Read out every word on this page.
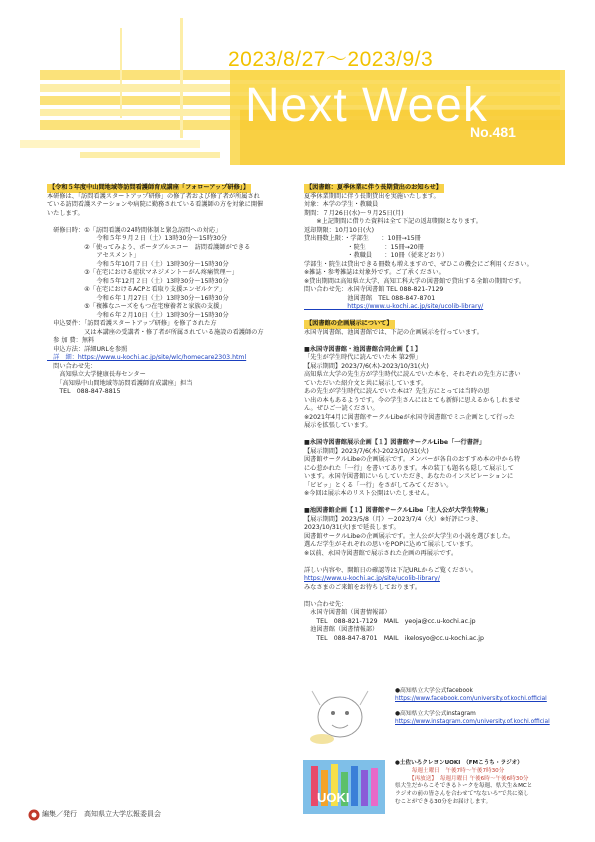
2023/8/27～2023/9/3
Next Week
No.481
【令和５年度中山間地域等訪問看護師育成講座「フォローアップ研修」】
本研修は、「訪問看護スタートアップ研修」の修了者および修了者が所属され
ている訪問看護ステーションや病院に勤務されている看護師の方を対象に開催
いたします。

　研修日時：①「訪問看護の24時間体制と緊急訪問への対応」
　　　　　　　　令和５年９月２日（土）13時30分～15時30分
　　　　　　②「使ってみよう、ポータブルエコー　訪問看護師ができる
　　　　　　　　アセスメント」
　　　　　　　　令和５年10月７日（土）13時30分～15時30分
　　　　　　③「在宅における症状マネジメント～がん疼痛管理～」
　　　　　　　　令和５年12月２日（土）13時30分～15時30分
　　　　　　④「在宅におけるACPと看取り支援エンゼルケア」
　　　　　　　　令和６年１月27日（土）13時30分～16時30分
　　　　　　⑤「複雑なニーズをもつ在宅療養者と家族の支援」
　　　　　　　　令和６年２月10日（土）13時30分～15時30分
　申込要件：「訪問看護スタートアップ研修」を修了された方
　　　　　　又は本講座の受講者・修了者が所属されている施設の看護師の方
　参 加 費：無料
　申込方法：詳細URLを参照
　詳　細：https://www.u-kochi.ac.jp/site/wlc/homecare2303.html
　問い合わせ先：
　　高知県立大学健康長寿センター
　　「高知県中山間地域等訪問看護師育成講座」担当
　　TEL　088-847-8815
【図書館：夏季休業に伴う長期貸出のお知らせ】
夏季休業期間に伴う長期貸出を実施いたします。
対象：本学の学生・教職員
期間：７月26日(水)～９月25日(月)
　　※上記期間に借りた資料は全て下記の返却期限となります。
返却期限：10月10日(火)
貸出冊数上限：・学部生　　：10冊→15冊
　　　　　　　・院生　　　：15冊→20冊
　　　　　　　・教職員　　：10冊（従来どおり）
学部生・院生は貸出できる冊数も増えますので、ぜひこの機会にご利用ください。
※雑誌・参考雑誌は対象外です。ご了承ください。
※貸出期間は高知県立大学、高知工科大学の図書館で貸出する全館の期間です。
問い合わせ先：永国寺図書館 TEL 088-821-7129
　　　　　　　池図書館　TEL 088-847-8701
　　　　　　　https://www.u-kochi.ac.jp/site/ucolib-library/

【図書館の企画展示について】
永国寺図書館、池図書館では、下記の企画展示を行っています。

■永国寺図書館・池図書館合同企画【１】
「先生が学生時代に読んでいた本 第2弾」
【展示期間】2023/7/6(木)-2023/10/31(火)
高知県立大学の先生方が学生時代に読んでいた本を、それぞれの先生方に書い
ていただいた紹介文と共に展示しています。
あの先生が学生時代に読んでいた本は？先生方にとっては当時の思
い出の本もあるようです。今の学生さんにはとても新鮮に思えるかもしれませ
ん。ぜひご一読ください。
※2021年4月に図書館サークルLibeが永国寺図書館でミニ企画として行った
展示を拡張しています。

■永国寺図書館展示企画【１】図書館サークルLibe「一行書評」
【展示期間】2023/7/6(木)-2023/10/31(火)
図書館サークルLibeの企画展示です。メンバーが各自のおすすめ本の中から特
に心惹かれた「一行」を書いてあります。本の装丁も題名も隠して展示して
います。永国寺図書館にいらしていただき、あなたのインスピレーションに
「ビビッ」とくる「一行」をさがしてみてください。
※今回は展示本のリスト公開はいたしません。

■池図書館企画【１】図書館サークルLibe「主人公が大学生特集」
【展示期間】2023/5/8（月）～2023/7/4（火）※好評につき、
2023/10/31(火)まで延長します。
図書館サークルLibeの企画展示です。主人公が大学生の小説を選びました。
選んだ学生がそれぞれの思いをPOPに込めて展示しています。
※以前、永国寺図書館で展示された企画の再展示です。

詳しい内容や、開館日の確認等は下記URLからご覧ください。
https://www.u-kochi.ac.jp/site/ucolib-library/
みなさまのご来館をお待ちしております。

問い合わせ先：
　永国寺図書館（図書情報部）
　　TEL　088-821-7129　MAIL　yeoja@cc.u-kochi.ac.jp
　池図書館（図書情報部）
　　TEL　088-847-8701　MAIL　ikelosyo@cc.u-kochi.ac.jp
●高知県立大学公式facebook
https://www.facebook.com/university.of.kochi.official
●高知県立大学公式instagram
https://www.instagram.com/university.of.kochi.official
UOKI
●土佐いろクレヨンUOKI　（FMこうち・ラジオ）
　　　毎週土曜日　午後7時～午後7時30分
　　　【再放送】　毎週月曜日 午後6時～午後6時30分
県大生だからこそできるトークを毎週、県大生＆MCと
ラジオの前の皆さんを合わせて"なないろ"で共に楽し
むことができる30分をお届けします。
編集／発行　高知県立大学広報委員会
